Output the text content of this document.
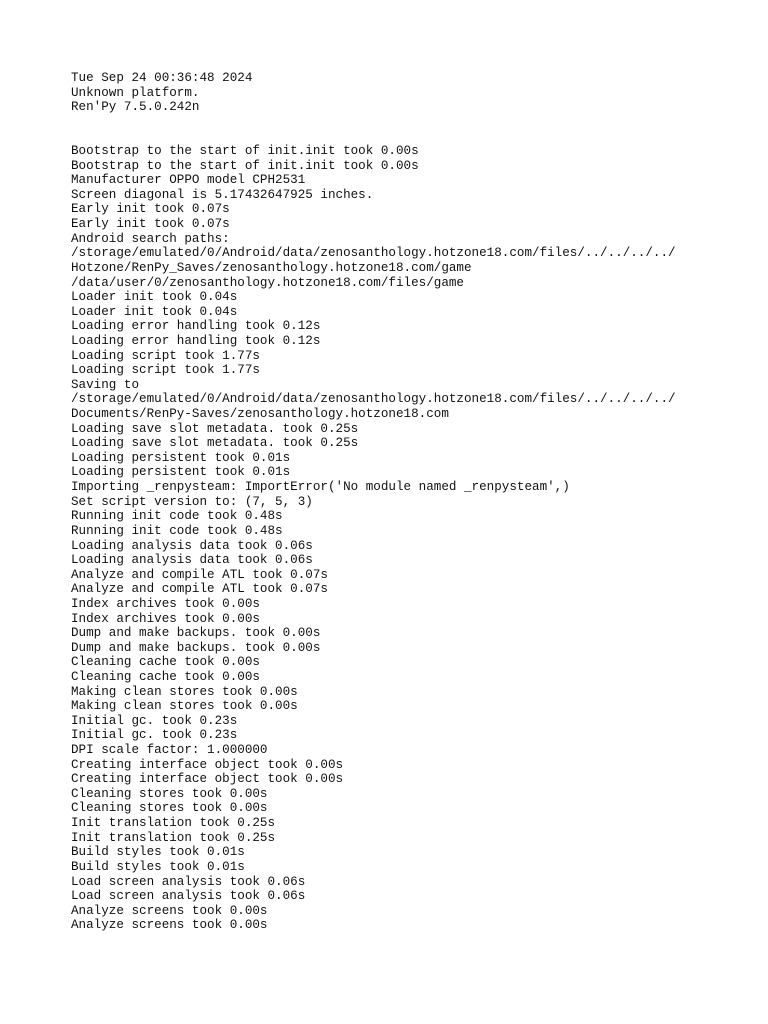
Tue Sep 24 00:36:48 2024
Unknown platform.
Ren'Py 7.5.0.242n
Bootstrap to the start of init.init took 0.00s
Bootstrap to the start of init.init took 0.00s
Manufacturer OPPO model CPH2531
Screen diagonal is 5.17432647925 inches.
Early init took 0.07s
Early init took 0.07s
Android search paths:
/storage/emulated/0/Android/data/zenosanthology.hotzone18.com/files/../../../../
Hotzone/RenPy_Saves/zenosanthology.hotzone18.com/game
/data/user/0/zenosanthology.hotzone18.com/files/game
Loader init took 0.04s
Loader init took 0.04s
Loading error handling took 0.12s
Loading error handling took 0.12s
Loading script took 1.77s
Loading script took 1.77s
Saving to
/storage/emulated/0/Android/data/zenosanthology.hotzone18.com/files/../../../../
Documents/RenPy-Saves/zenosanthology.hotzone18.com
Loading save slot metadata. took 0.25s
Loading save slot metadata. took 0.25s
Loading persistent took 0.01s
Loading persistent took 0.01s
Importing _renpysteam: ImportError('No module named _renpysteam',)
Set script version to: (7, 5, 3)
Running init code took 0.48s
Running init code took 0.48s
Loading analysis data took 0.06s
Loading analysis data took 0.06s
Analyze and compile ATL took 0.07s
Analyze and compile ATL took 0.07s
Index archives took 0.00s
Index archives took 0.00s
Dump and make backups. took 0.00s
Dump and make backups. took 0.00s
Cleaning cache took 0.00s
Cleaning cache took 0.00s
Making clean stores took 0.00s
Making clean stores took 0.00s
Initial gc. took 0.23s
Initial gc. took 0.23s
DPI scale factor: 1.000000
Creating interface object took 0.00s
Creating interface object took 0.00s
Cleaning stores took 0.00s
Cleaning stores took 0.00s
Init translation took 0.25s
Init translation took 0.25s
Build styles took 0.01s
Build styles took 0.01s
Load screen analysis took 0.06s
Load screen analysis took 0.06s
Analyze screens took 0.00s
Analyze screens took 0.00s
